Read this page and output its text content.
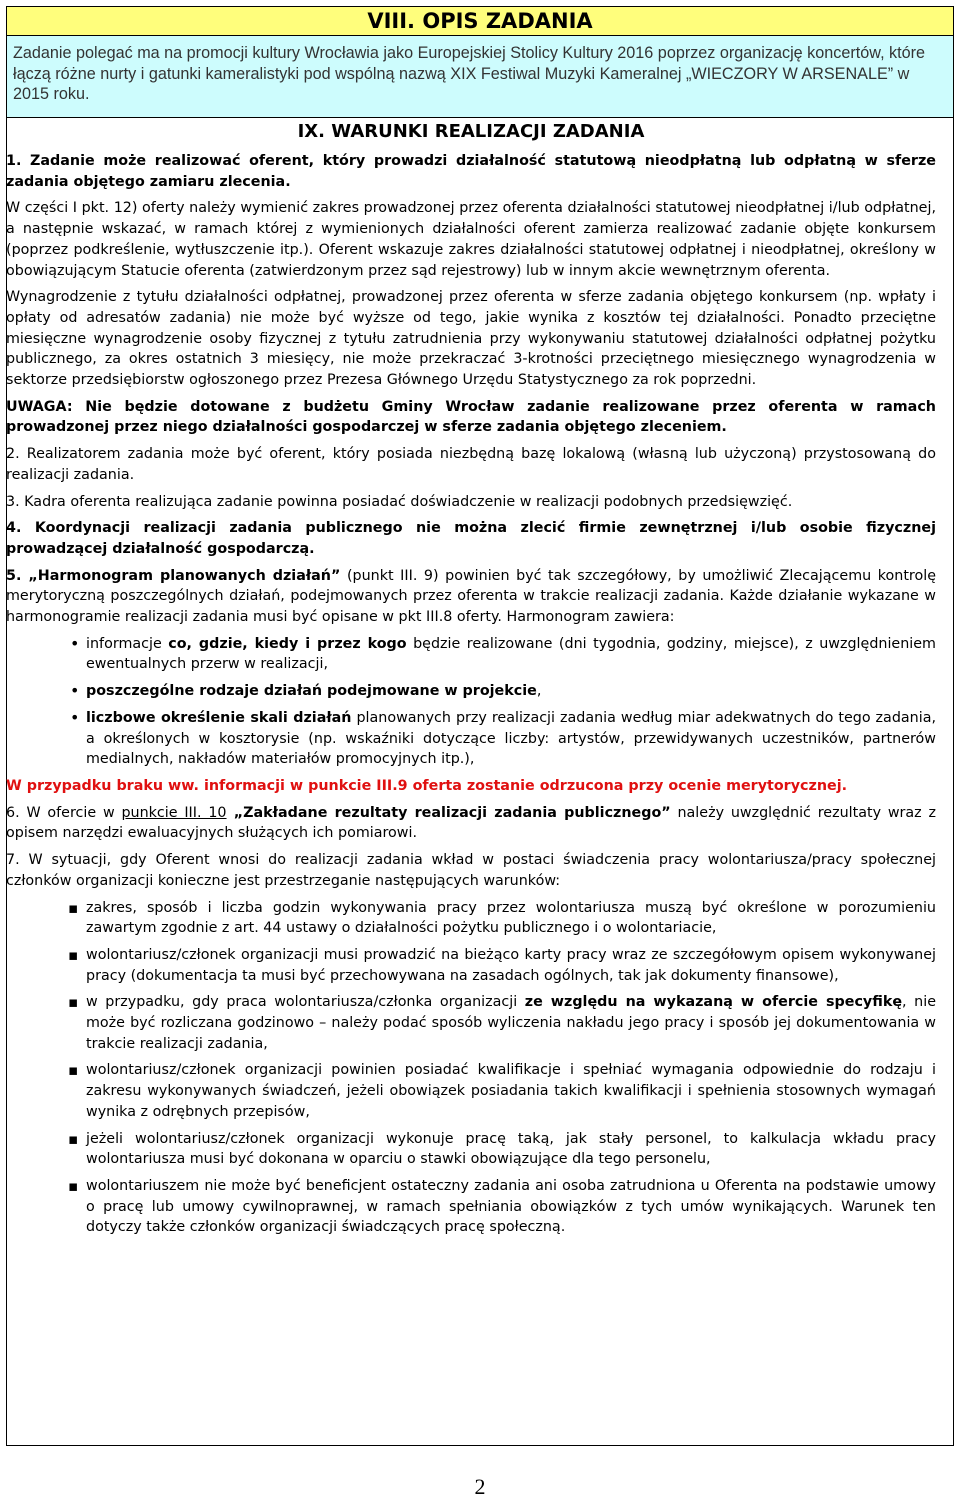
VIII. OPIS ZADANIA
Zadanie polegać ma na promocji kultury Wrocławia jako Europejskiej Stolicy Kultury 2016 poprzez organizację koncertów, które łączą różne nurty i gatunki kameralistyki pod wspólną nazwą XIX Festiwal Muzyki Kameralnej „WIECZORY W ARSENALE” w 2015 roku.
IX. WARUNKI REALIZACJI ZADANIA

1. Zadanie może realizować oferent, który prowadzi działalność statutową nieodpłatną lub odpłatną w sferze zadania objętego zamiaru zlecenia.

W części I pkt. 12) oferty należy wymienić zakres prowadzonej przez oferenta działalności statutowej nieodpłatnej i/lub odpłatnej, a następnie wskazać, w ramach której z wymienionych działalności oferent zamierza realizować zadanie objęte konkursem (poprzez podkreślenie, wytłuszczenie itp.). Oferent wskazuje zakres działalności statutowej odpłatnej i nieodpłatnej, określony w obowiązującym Statucie oferenta (zatwierdzonym przez sąd rejestrowy) lub w innym akcie wewnętrznym oferenta.

Wynagrodzenie z tytułu działalności odpłatnej, prowadzonej przez oferenta w sferze zadania objętego konkursem (np. wpłaty i opłaty od adresatów zadania) nie może być wyższe od tego, jakie wynika z kosztów tej działalności. Ponadto przeciętne miesięczne wynagrodzenie osoby fizycznej z tytułu zatrudnienia przy wykonywaniu statutowej działalności odpłatnej pożytku publicznego, za okres ostatnich 3 miesięcy, nie może przekraczać 3-krotności przeciętnego miesięcznego wynagrodzenia w sektorze przedsiębiorstw ogłoszonego przez Prezesa Głównego Urzędu Statystycznego za rok poprzedni.

UWAGA: Nie będzie dotowane z budżetu Gminy Wrocław zadanie realizowane przez oferenta w ramach prowadzonej przez niego działalności gospodarczej w sferze zadania objętego zleceniem.

2. Realizatorem zadania może być oferent, który posiada niezbędną bazę lokalową (własną lub użyczoną) przystosowaną do realizacji zadania.

3. Kadra oferenta realizująca zadanie powinna posiadać doświadczenie w realizacji podobnych przedsięwzięć.

4. Koordynacji realizacji zadania publicznego nie można zlecić firmie zewnętrznej i/lub osobie fizycznej prowadzącej działalność gospodarczą.

5. „Harmonogram planowanych działań” (punkt III. 9) powinien być tak szczegółowy, by umożliwić Zlecającemu kontrolę merytoryczną poszczególnych działań, podejmowanych przez oferenta w trakcie realizacji zadania. Każde działanie wykazane w harmonogramie realizacji zadania musi być opisane w pkt III.8 oferty. Harmonogram zawiera:

• informacje co, gdzie, kiedy i przez kogo będzie realizowane (dni tygodnia, godziny, miejsce), z uwzględnieniem ewentualnych przerw w realizacji,
• poszczególne rodzaje działań podejmowane w projekcie,
• liczbowe określenie skali działań planowanych przy realizacji zadania według miar adekwatnych do tego zadania, a określonych w kosztorysie (np. wskaźniki dotyczące liczby: artystów, przewidywanych uczestników, partnerów medialnych, nakładów materiałów promocyjnych itp.),

W przypadku braku ww. informacji w punkcie III.9 oferta zostanie odrzucona przy ocenie merytorycznej.

6. W ofercie w punkcie III. 10 „Zakładane rezultaty realizacji zadania publicznego” należy uwzględnić rezultaty wraz z opisem narzędzi ewaluacyjnych służących ich pomiarowi.

7. W sytuacji, gdy Oferent wnosi do realizacji zadania wkład w postaci świadczenia pracy wolontariusza/pracy społecznej członków organizacji konieczne jest przestrzeganie następujących warunków:

▪ zakres, sposób i liczba godzin wykonywania pracy przez wolontariusza muszą być określone w porozumieniu zawartym zgodnie z art. 44 ustawy o działalności pożytku publicznego i o wolontariacie,
▪ wolontariusz/członek organizacji musi prowadzić na bieżąco karty pracy wraz ze szczegółowym opisem wykonywanej pracy (dokumentacja ta musi być przechowywana na zasadach ogólnych, tak jak dokumenty finansowe),
▪ w przypadku, gdy praca wolontariusza/członka organizacji ze względu na wykazaną w ofercie specyfikę, nie może być rozliczana godzinowo – należy podać sposób wyliczenia nakładu jego pracy i sposób jej dokumentowania w trakcie realizacji zadania,
▪ wolontariusz/członek organizacji powinien posiadać kwalifikacje i spełniać wymagania odpowiednie do rodzaju i zakresu wykonywanych świadczeń, jeżeli obowiązek posiadania takich kwalifikacji i spełnienia stosownych wymagań wynika z odrębnych przepisów,
▪ jeżeli wolontariusz/członek organizacji wykonuje pracę taką, jak stały personel, to kalkulacja wkładu pracy wolontariusza musi być dokonana w oparciu o stawki obowiązujące dla tego personelu,
▪ wolontariuszem nie może być beneficjent ostateczny zadania ani osoba zatrudniona u Oferenta na podstawie umowy o pracę lub umowy cywilnoprawnej, w ramach spełniania obowiązków z tych umów wynikających. Warunek ten dotyczy także członków organizacji świadczących pracę społeczną.
2
